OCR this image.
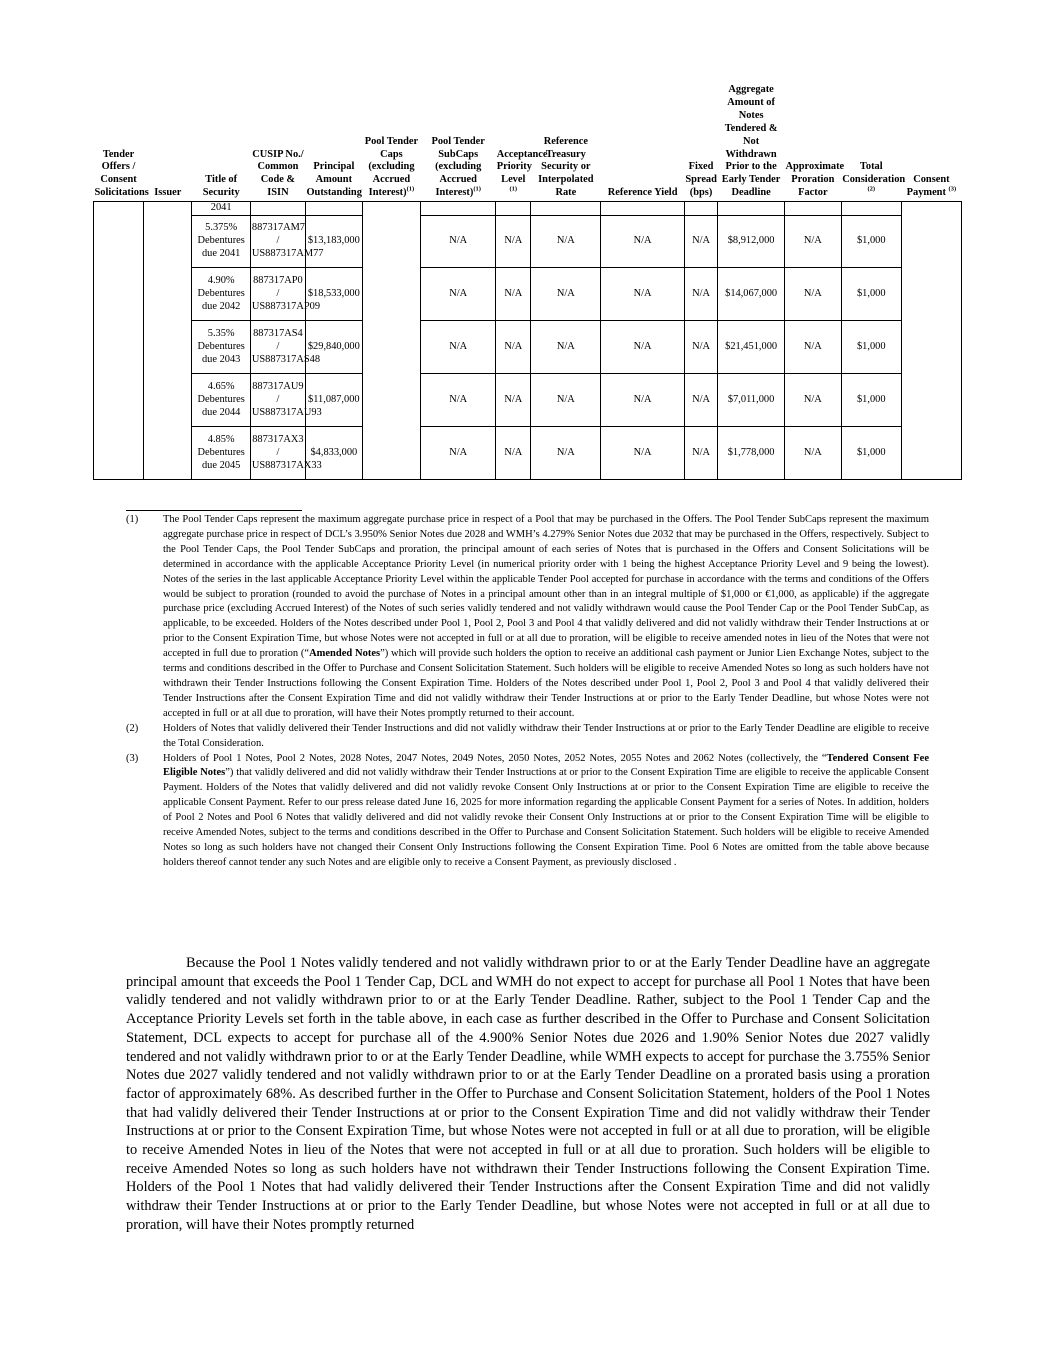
Tender Offers / Consent Solicitations	Issuer	Title of Security	CUSIP No./ Common Code & ISIN	Principal Amount Outstanding	Pool Tender Caps (excluding Accrued Interest)$^{(1)}$	Pool Tender SubCaps (excluding Accrued Interest)$^{(1)}$	Acceptance Priority Level $^{(1)}$	Reference Treasury Security or Interpolated Rate	Reference Yield	Fixed Spread (bps)	Aggregate Amount of Notes Tendered & Not Withdrawn Prior to the Early Tender Deadline	Approximate Proration Factor	Total Consideration $^{(2)}$	Consent Payment $^{(3)}$
		2041												
		5.375% Debentures due 2041	887317AM7 / US887317AM77	$13,183,000		N/A	N/A	N/A	N/A	N/A	$8,912,000	N/A	$1,000	
		4.90% Debentures due 2042	887317AP0 / US887317AP09	$18,533,000		N/A	N/A	N/A	N/A	N/A	$14,067,000	N/A	$1,000	
		5.35% Debentures due 2043	887317AS4 / US887317AS48	$29,840,000		N/A	N/A	N/A	N/A	N/A	$21,451,000	N/A	$1,000	
		4.65% Debentures due 2044	887317AU9 / US887317AU93	$11,087,000		N/A	N/A	N/A	N/A	N/A	$7,011,000	N/A	$1,000	
		4.85% Debentures due 2045	887317AX3 / US887317AX33	$4,833,000		N/A	N/A	N/A	N/A	N/A	$1,778,000	N/A	$1,000	
(1)	The Pool Tender Caps represent the maximum aggregate purchase price in respect of a Pool that may be purchased in the Offers. The Pool Tender SubCaps represent the maximum aggregate purchase price in respect of DCL’s 3.950% Senior Notes due 2028 and WMH’s 4.279% Senior Notes due 2032 that may be purchased in the Offers, respectively. Subject to the Pool Tender Caps, the Pool Tender SubCaps and proration, the principal amount of each series of Notes that is purchased in the Offers and Consent Solicitations will be determined in accordance with the applicable Acceptance Priority Level (in numerical priority order with 1 being the highest Acceptance Priority Level and 9 being the lowest). Notes of the series in the last applicable Acceptance Priority Level within the applicable Tender Pool accepted for purchase in accordance with the terms and conditions of the Offers would be subject to proration (rounded to avoid the purchase of Notes in a principal amount other than in an integral multiple of $1,000 or €1,000, as applicable) if the aggregate purchase price (excluding Accrued Interest) of the Notes of such series validly tendered and not validly withdrawn would cause the Pool Tender Cap or the Pool Tender SubCap, as applicable, to be exceeded. Holders of the Notes described under Pool 1, Pool 2, Pool 3 and Pool 4 that validly delivered and did not validly withdraw their Tender Instructions at or prior to the Consent Expiration Time, but whose Notes were not accepted in full or at all due to proration, will be eligible to receive amended notes in lieu of the Notes that were not accepted in full due to proration (“Amended Notes”) which will provide such holders the option to receive an additional cash payment or Junior Lien Exchange Notes, subject to the terms and conditions described in the Offer to Purchase and Consent Solicitation Statement. Such holders will be eligible to receive Amended Notes so long as such holders have not withdrawn their Tender Instructions following the Consent Expiration Time. Holders of the Notes described under Pool 1, Pool 2, Pool 3 and Pool 4 that validly delivered their Tender Instructions after the Consent Expiration Time and did not validly withdraw their Tender Instructions at or prior to the Early Tender Deadline, but whose Notes were not accepted in full or at all due to proration, will have their Notes promptly returned to their account.
(2)	Holders of Notes that validly delivered their Tender Instructions and did not validly withdraw their Tender Instructions at or prior to the Early Tender Deadline are eligible to receive the Total Consideration.
(3)	Holders of Pool 1 Notes, Pool 2 Notes, 2028 Notes, 2047 Notes, 2049 Notes, 2050 Notes, 2052 Notes, 2055 Notes and 2062 Notes (collectively, the “Tendered Consent Fee Eligible Notes”) that validly delivered and did not validly withdraw their Tender Instructions at or prior to the Consent Expiration Time are eligible to receive the applicable Consent Payment. Holders of the Notes that validly delivered and did not validly revoke Consent Only Instructions at or prior to the Consent Expiration Time are eligible to receive the applicable Consent Payment. Refer to our press release dated June 16, 2025 for more information regarding the applicable Consent Payment for a series of Notes. In addition, holders of Pool 2 Notes and Pool 6 Notes that validly delivered and did not validly revoke their Consent Only Instructions at or prior to the Consent Expiration Time will be eligible to receive Amended Notes, subject to the terms and conditions described in the Offer to Purchase and Consent Solicitation Statement. Such holders will be eligible to receive Amended Notes so long as such holders have not changed their Consent Only Instructions following the Consent Expiration Time. Pool 6 Notes are omitted from the table above because holders thereof cannot tender any such Notes and are eligible only to receive a Consent Payment, as previously disclosed .

Because the Pool 1 Notes validly tendered and not validly withdrawn prior to or at the Early Tender Deadline have an aggregate principal amount that exceeds the Pool 1 Tender Cap, DCL and WMH do not expect to accept for purchase all Pool 1 Notes that have been validly tendered and not validly withdrawn prior to or at the Early Tender Deadline. Rather, subject to the Pool 1 Tender Cap and the Acceptance Priority Levels set forth in the table above, in each case as further described in the Offer to Purchase and Consent Solicitation Statement, DCL expects to accept for purchase all of the 4.900% Senior Notes due 2026 and 1.90% Senior Notes due 2027 validly tendered and not validly withdrawn prior to or at the Early Tender Deadline, while WMH expects to accept for purchase the 3.755% Senior Notes due 2027 validly tendered and not validly withdrawn prior to or at the Early Tender Deadline on a prorated basis using a proration factor of approximately 68%. As described further in the Offer to Purchase and Consent Solicitation Statement, holders of the Pool 1 Notes that had validly delivered their Tender Instructions at or prior to the Consent Expiration Time and did not validly withdraw their Tender Instructions at or prior to the Consent Expiration Time, but whose Notes were not accepted in full or at all due to proration, will be eligible to receive Amended Notes in lieu of the Notes that were not accepted in full or at all due to proration. Such holders will be eligible to receive Amended Notes so long as such holders have not withdrawn their Tender Instructions following the Consent Expiration Time. Holders of the Pool 1 Notes that had validly delivered their Tender Instructions after the Consent Expiration Time and did not validly withdraw their Tender Instructions at or prior to the Early Tender Deadline, but whose Notes were not accepted in full or at all due to proration, will have their Notes promptly returned
